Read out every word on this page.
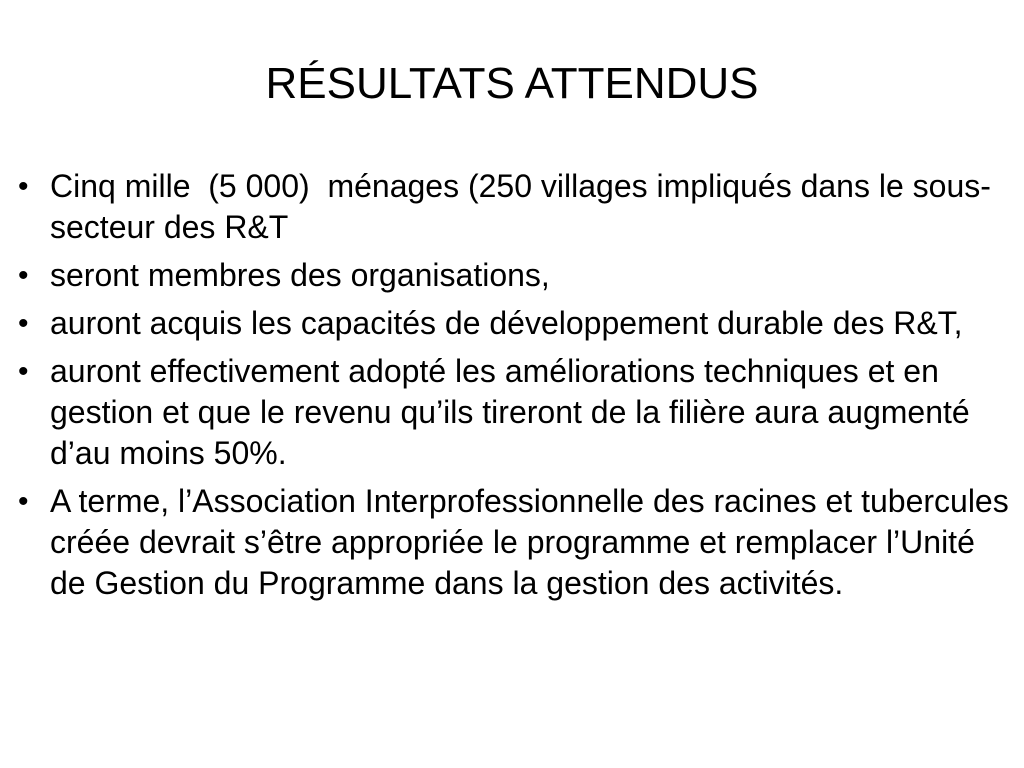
RÉSULTATS ATTENDUS
• Cinq mille  (5 000)  ménages (250 villages impliqués dans le sous-secteur des R&T
• seront membres des organisations,
• auront acquis les capacités de développement durable des R&T,
• auront effectivement adopté les améliorations techniques et en gestion et que le revenu qu’ils tireront de la filière aura augmenté d’au moins 50%.
• A terme, l’Association Interprofessionnelle des racines et tubercules créée devrait s’être appropriée le programme et remplacer l’Unité de Gestion du Programme dans la gestion des activités.
